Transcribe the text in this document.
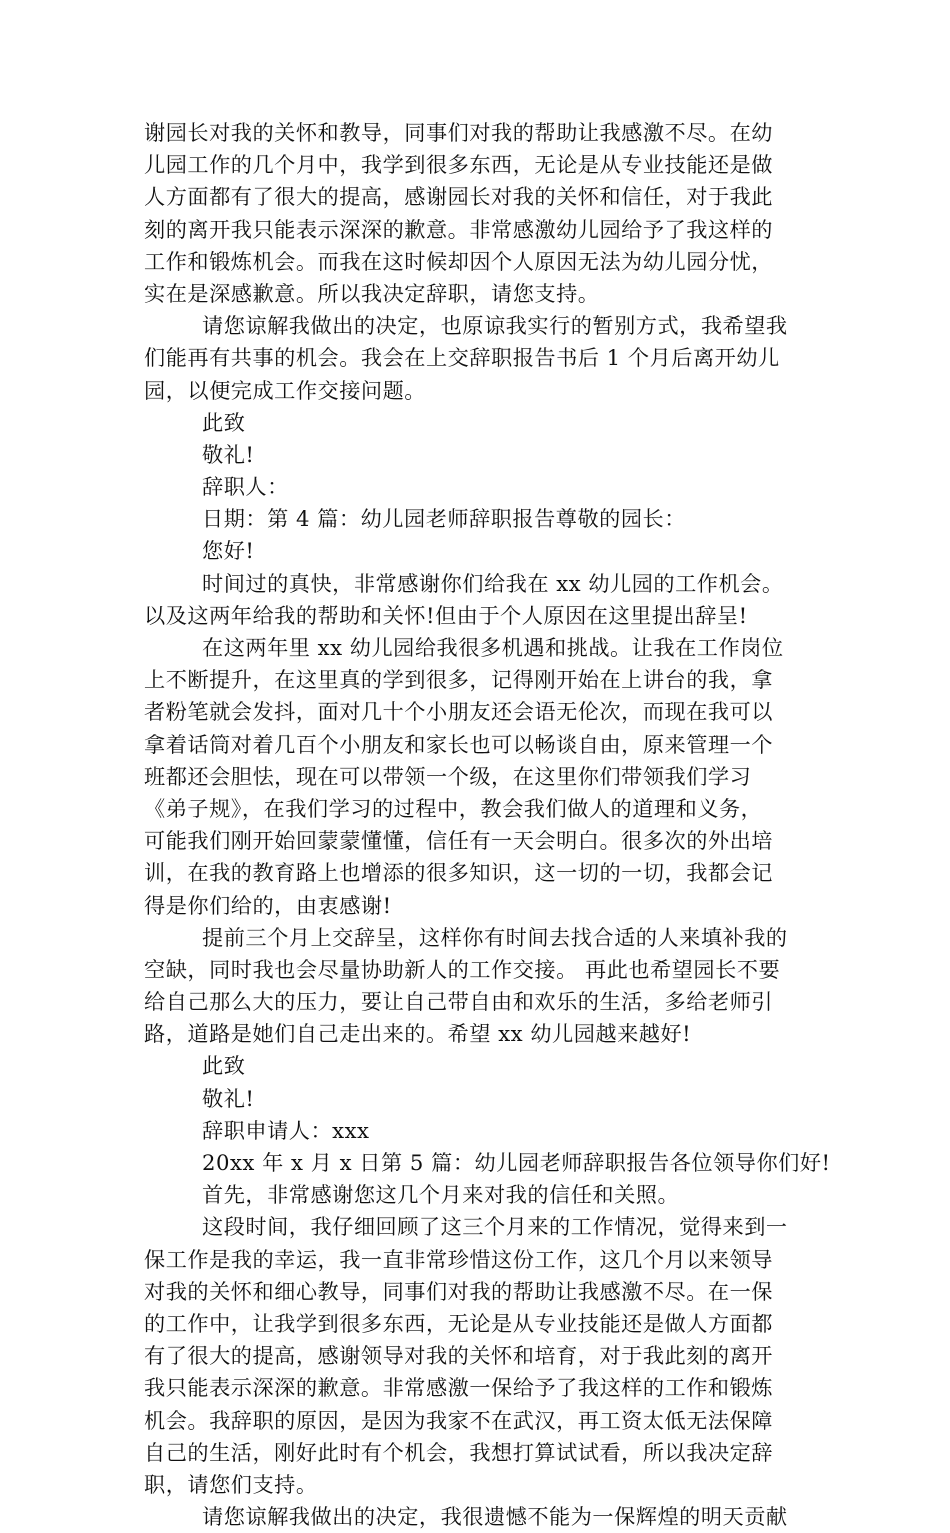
谢园长对我的关怀和教导，同事们对我的帮助让我感激不尽。在幼
儿园工作的几个月中，我学到很多东西，无论是从专业技能还是做
人方面都有了很大的提高，感谢园长对我的关怀和信任，对于我此
刻的离开我只能表示深深的歉意。非常感激幼儿园给予了我这样的
工作和锻炼机会。而我在这时候却因个人原因无法为幼儿园分忧，
实在是深感歉意。所以我决定辞职，请您支持。
请您谅解我做出的决定，也原谅我实行的暂别方式，我希望我
们能再有共事的机会。我会在上交辞职报告书后 1 个月后离开幼儿
园，以便完成工作交接问题。
此致
敬礼!
辞职人：
日期：第 4 篇：幼儿园老师辞职报告尊敬的园长：
您好!
时间过的真快，非常感谢你们给我在 xx 幼儿园的工作机会。
以及这两年给我的帮助和关怀!但由于个人原因在这里提出辞呈!
在这两年里 xx 幼儿园给我很多机遇和挑战。让我在工作岗位
上不断提升，在这里真的学到很多，记得刚开始在上讲台的我，拿
者粉笔就会发抖，面对几十个小朋友还会语无伦次，而现在我可以
拿着话筒对着几百个小朋友和家长也可以畅谈自由，原来管理一个
班都还会胆怯，现在可以带领一个级，在这里你们带领我们学习
《弟子规》，在我们学习的过程中，教会我们做人的道理和义务，
可能我们刚开始回蒙蒙懂懂，信任有一天会明白。很多次的外出培
训，在我的教育路上也增添的很多知识，这一切的一切，我都会记
得是你们给的，由衷感谢!
提前三个月上交辞呈，这样你有时间去找合适的人来填补我的
空缺，同时我也会尽量协助新人的工作交接。 再此也希望园长不要
给自己那么大的压力，要让自己带自由和欢乐的生活，多给老师引
路，道路是她们自己走出来的。希望 xx 幼儿园越来越好!
此致
敬礼!
辞职申请人：xxx
20xx 年 x 月 x 日第 5 篇：幼儿园老师辞职报告各位领导你们好!
首先，非常感谢您这几个月来对我的信任和关照。
这段时间，我仔细回顾了这三个月来的工作情况，觉得来到一
保工作是我的幸运，我一直非常珍惜这份工作，这几个月以来领导
对我的关怀和细心教导，同事们对我的帮助让我感激不尽。在一保
的工作中，让我学到很多东西，无论是从专业技能还是做人方面都
有了很大的提高，感谢领导对我的关怀和培育，对于我此刻的离开
我只能表示深深的歉意。非常感激一保给予了我这样的工作和锻炼
机会。我辞职的原因，是因为我家不在武汉，再工资太低无法保障
自己的生活，刚好此时有个机会，我想打算试试看，所以我决定辞
职，请您们支持。
请您谅解我做出的决定，我很遗憾不能为一保辉煌的明天贡献
